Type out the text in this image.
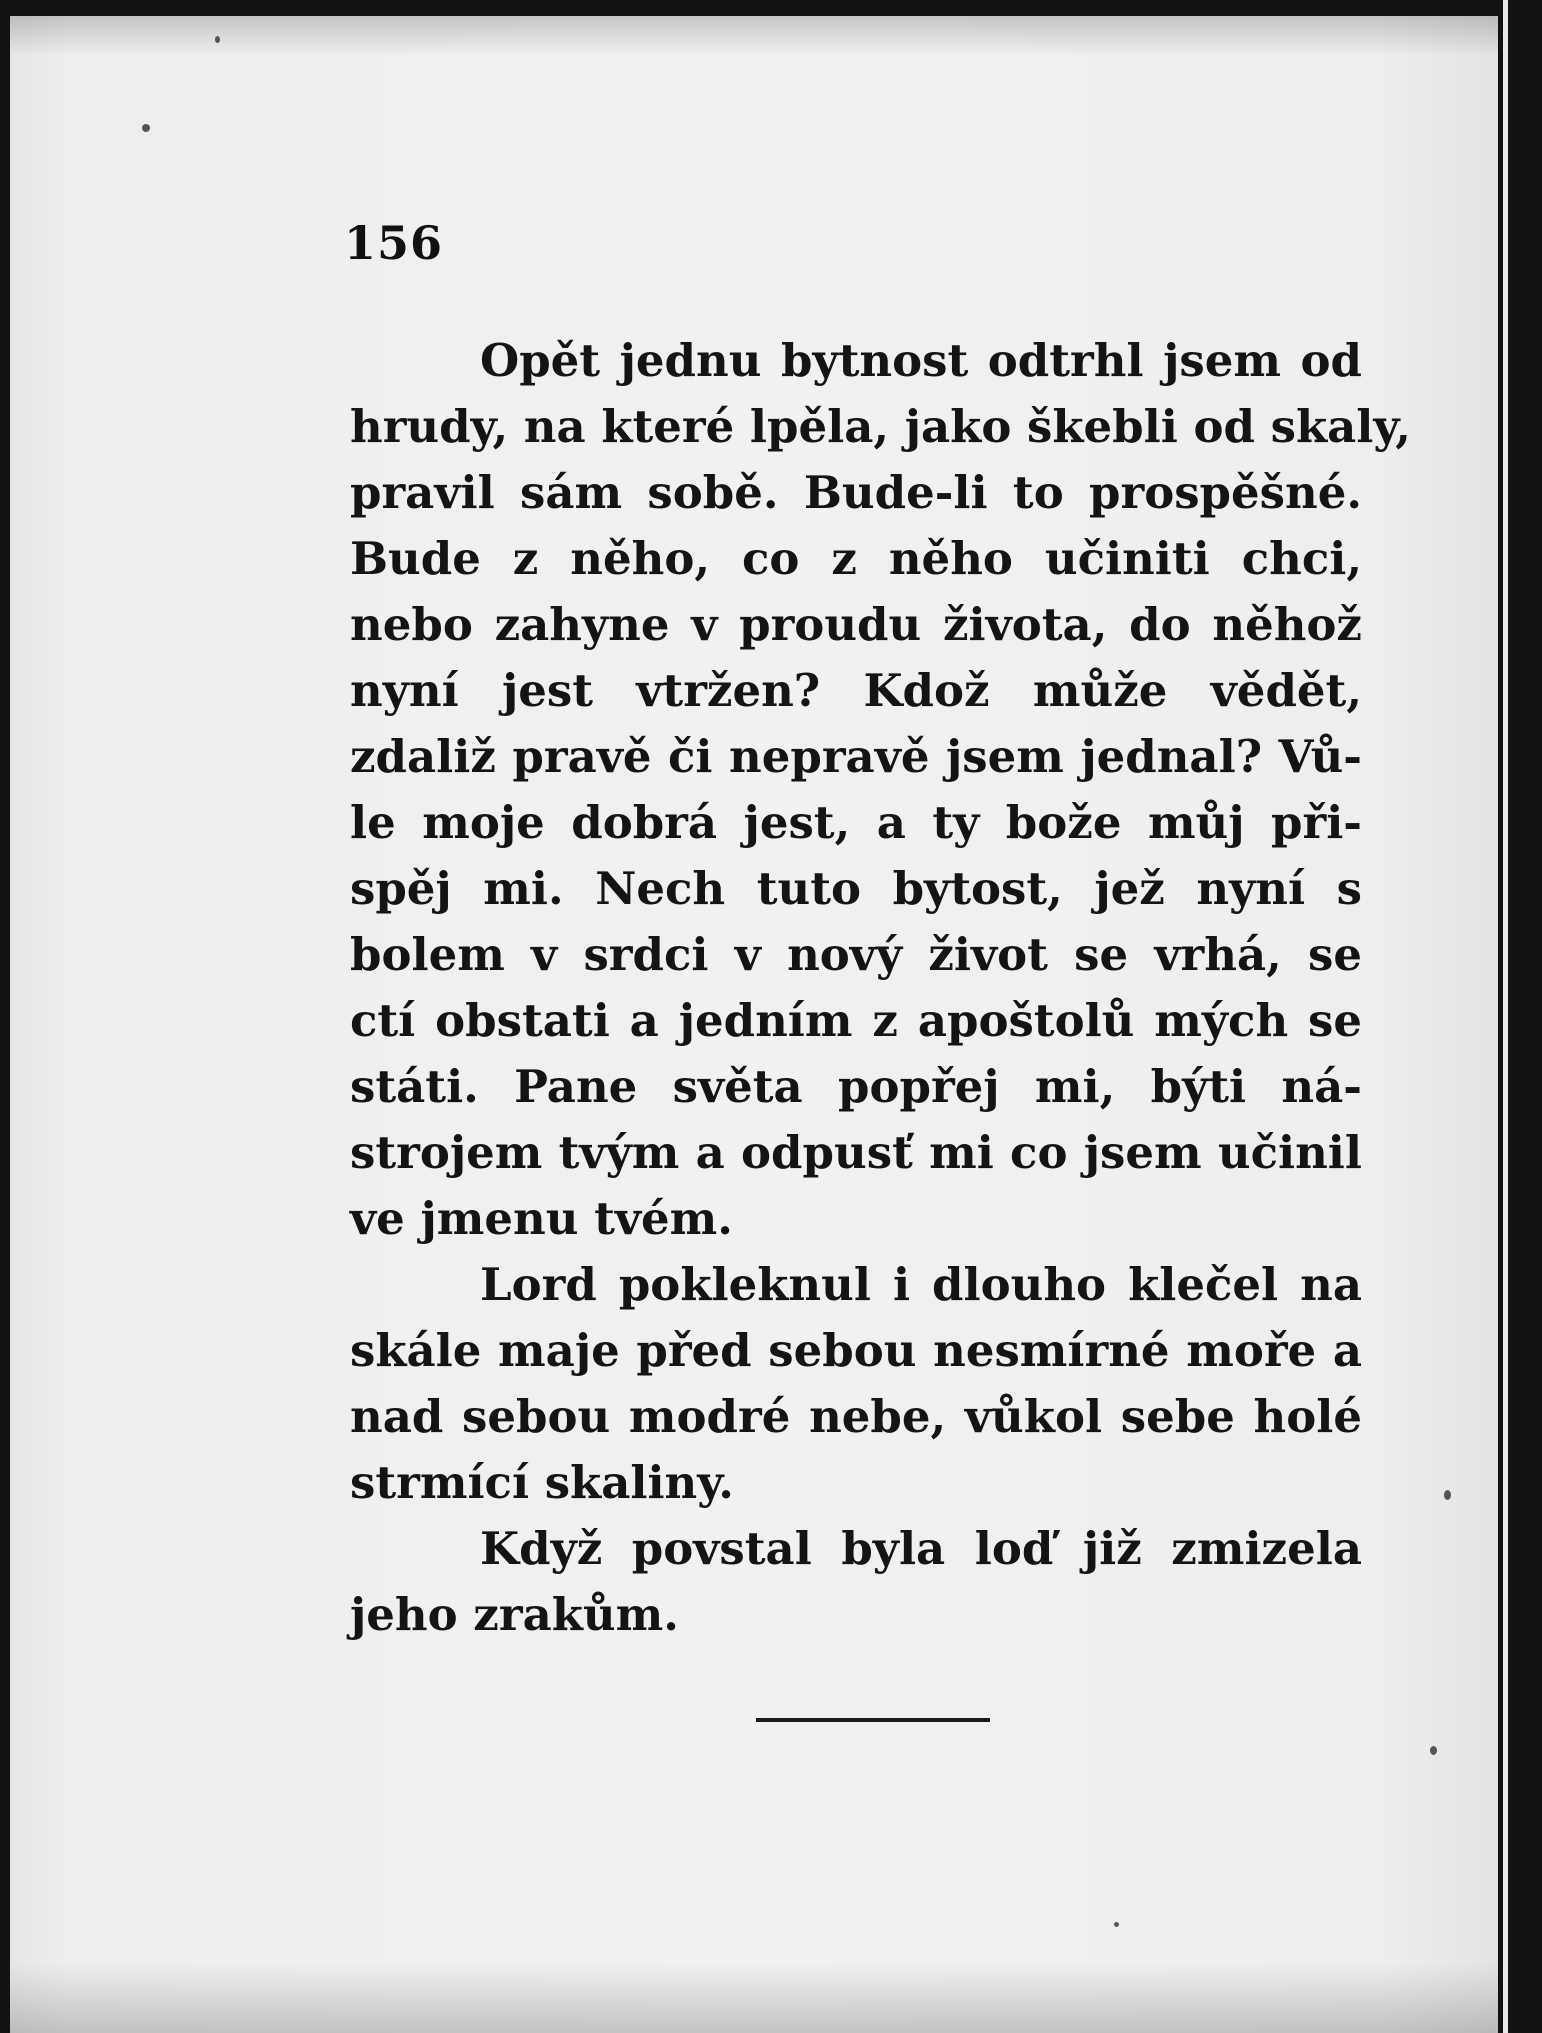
156
Opět jednu bytnost odtrhl jsem od
hrudy, na které lpěla, jako škebli od skaly,
pravil sám sobě. Bude-li to prospěšné.
Bude z něho, co z něho učiniti chci,
nebo zahyne v proudu života, do něhož
nyní jest vtržen? Kdož může vědět,
zdaliž pravě či nepravě jsem jednal? Vů-
le moje dobrá jest, a ty bože můj při-
spěj mi. Nech tuto bytost, jež nyní s
bolem v srdci v nový život se vrhá, se
ctí obstati a jedním z apoštolů mých se
státi. Pane světa popřej mi, býti ná-
strojem tvým a odpusť mi co jsem učinil
ve jmenu tvém.
Lord pokleknul i dlouho klečel na
skále maje před sebou nesmírné moře a
nad sebou modré nebe, vůkol sebe holé
strmící skaliny.
Když povstal byla loď již zmizela
jeho zrakům.
